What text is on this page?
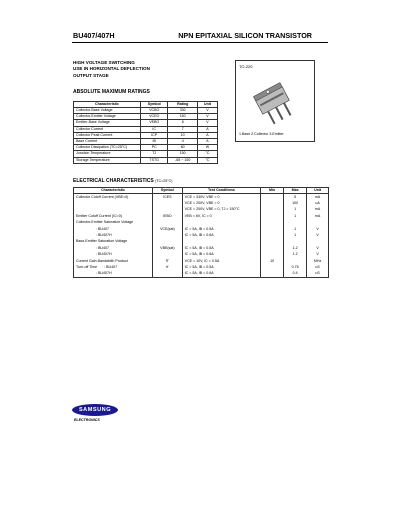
BU407/407H	NPN EPITAXIAL SILICON TRANSISTOR
HIGH VOLTAGE SWITCHING
USE IN HORIZONTAL DEFLECTION
OUTPUT STAGE
TO-220
1.Base 2.Collector 3.Emitter
ABSOLUTE MAXIMUM RATINGS
Characteristic	Symbol	Rating	Unit
Collector-Base Voltage	VCBO	330	V
Collector-Emitter Voltage	VCEO	150	V
Emitter-Base Voltage	VEBO	6	V
Collector Current	IC	7	A
Collector Peak Current	ICP	10	A
Base Current	IB	4	A
Collector Dissipation (TC=25°C)	PC	60	W
Junction Temperature	TJ	150	°C
Storage Temperature	TSTG	-65 ~ 150	°C
ELECTRICAL CHARACTERISTICS (TC=25°C)
Characteristic	Symbol	Test Conditions	Min	Max	Unit
Collector Cutoff Current (VBE=0)	ICES	VCE = 330V, VBE = 0		5	mA
		VCE = 200V, VBE = 0		100	uA
		VCE = 200V, VBE = 0, TJ = 150°C		1	mA
Emitter Cutoff Current (IC=0)	IEBO	VEB = 6V, IC = 0		1	mA
Collector-Emitter Saturation Voltage					
: BU407	VCE(sat)	IC = 5A, IB = 0.5A		1	V
: BU407H		IC = 5A, IB = 0.6A		1	V
Base-Emitter Saturation Voltage					
: BU407	VBE(sat)	IC = 5A, IB = 0.5A		1.2	V
: BU407H		IC = 5A, IB = 0.6A		1.2	V
Current Gain Bandwidth Product	fT	VCE = 10V, IC = 0.5A	10		MHz
Turn-off Time       : BU407	tf	IC = 5A, IB = 0.5A		0.75	uS
: BU407H		IC = 5A, IB = 0.6A		0.4	uS
SAMSUNG
ELECTRONICS
